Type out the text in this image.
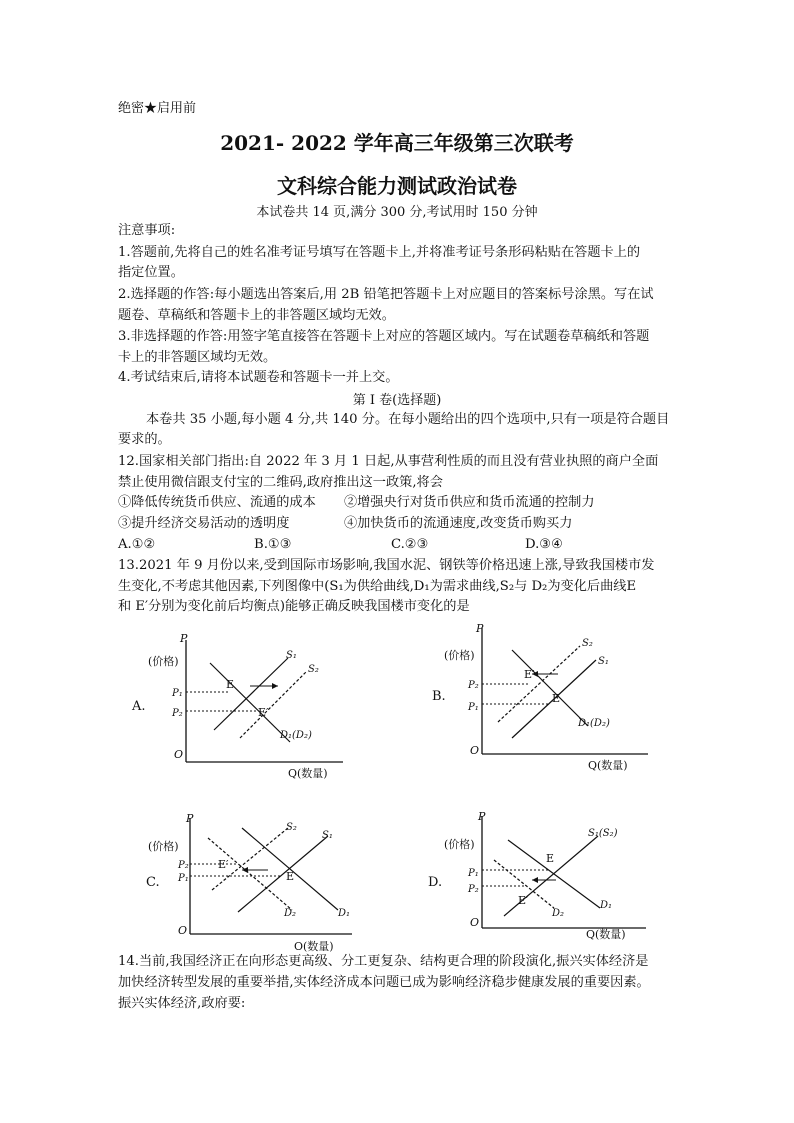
绝密★启用前
2021- 2022 学年高三年级第三次联考
文科综合能力测试政治试卷
本试卷共 14 页,满分 300 分,考试用时 150 分钟
注意事项:
1.答题前,先将自己的姓名准考证号填写在答题卡上,并将准考证号条形码粘贴在答题卡上的
指定位置。
2.选择题的作答:每小题选出答案后,用 2B 铅笔把答题卡上对应题目的答案标号涂黑。写在试
题卷、草稿纸和答题卡上的非答题区域均无效。
3.非选择题的作答:用签字笔直接答在答题卡上对应的答题区域内。写在试题卷草稿纸和答题
卡上的非答题区域均无效。
4.考试结束后,请将本试题卷和答题卡一并上交。
第 I 卷(选择题)
本卷共 35 小题,每小题 4 分,共 140 分。在每小题给出的四个选项中,只有一项是符合题目
要求的。
12.国家相关部门指出:自 2022 年 3 月 1 日起,从事营利性质的而且没有营业执照的商户全面
禁止使用微信跟支付宝的二维码,政府推出这一政策,将会
①降低传统货币供应、流通的成本 ②增强央行对货币供应和货币流通的控制力
③提升经济交易活动的透明度	④加快货币的流通速度,改变货币购买力
A.①②	B.①③	C.②③	D.③④
13.2021 年 9 月份以来,受到国际市场影响,我国水泥、钢铁等价格迅速上涨,导致我国楼市发
生变化,不考虑其他因素,下列图像中(S₁为供给曲线,D₁为需求曲线,S₂与 D₂为变化后曲线E
和 E′分别为变化前后均衡点)能够正确反映我国楼市变化的是
A.
P
(价格)
O
Q(数量)
P₁
P₂
E
E′
S₁
S₂
D₁(D₂)
B.
P
(价格)
O
Q(数量)
P₂
P₁
E′
E
S₂
S₁
D₁(D₂)
C.
P
(价格)
O
O(数量)
P₂
P₁
E′
E
S₂
S₁
D₂	D₁
D.
P
(价格)
O
Q(数量)
P₁
P₂
E
E′
S₁(S₂)
D₂
D₁
14.当前,我国经济正在向形态更高级、分工更复杂、结构更合理的阶段演化,振兴实体经济是
加快经济转型发展的重要举措,实体经济成本问题已成为影响经济稳步健康发展的重要因素。
振兴实体经济,政府要:
